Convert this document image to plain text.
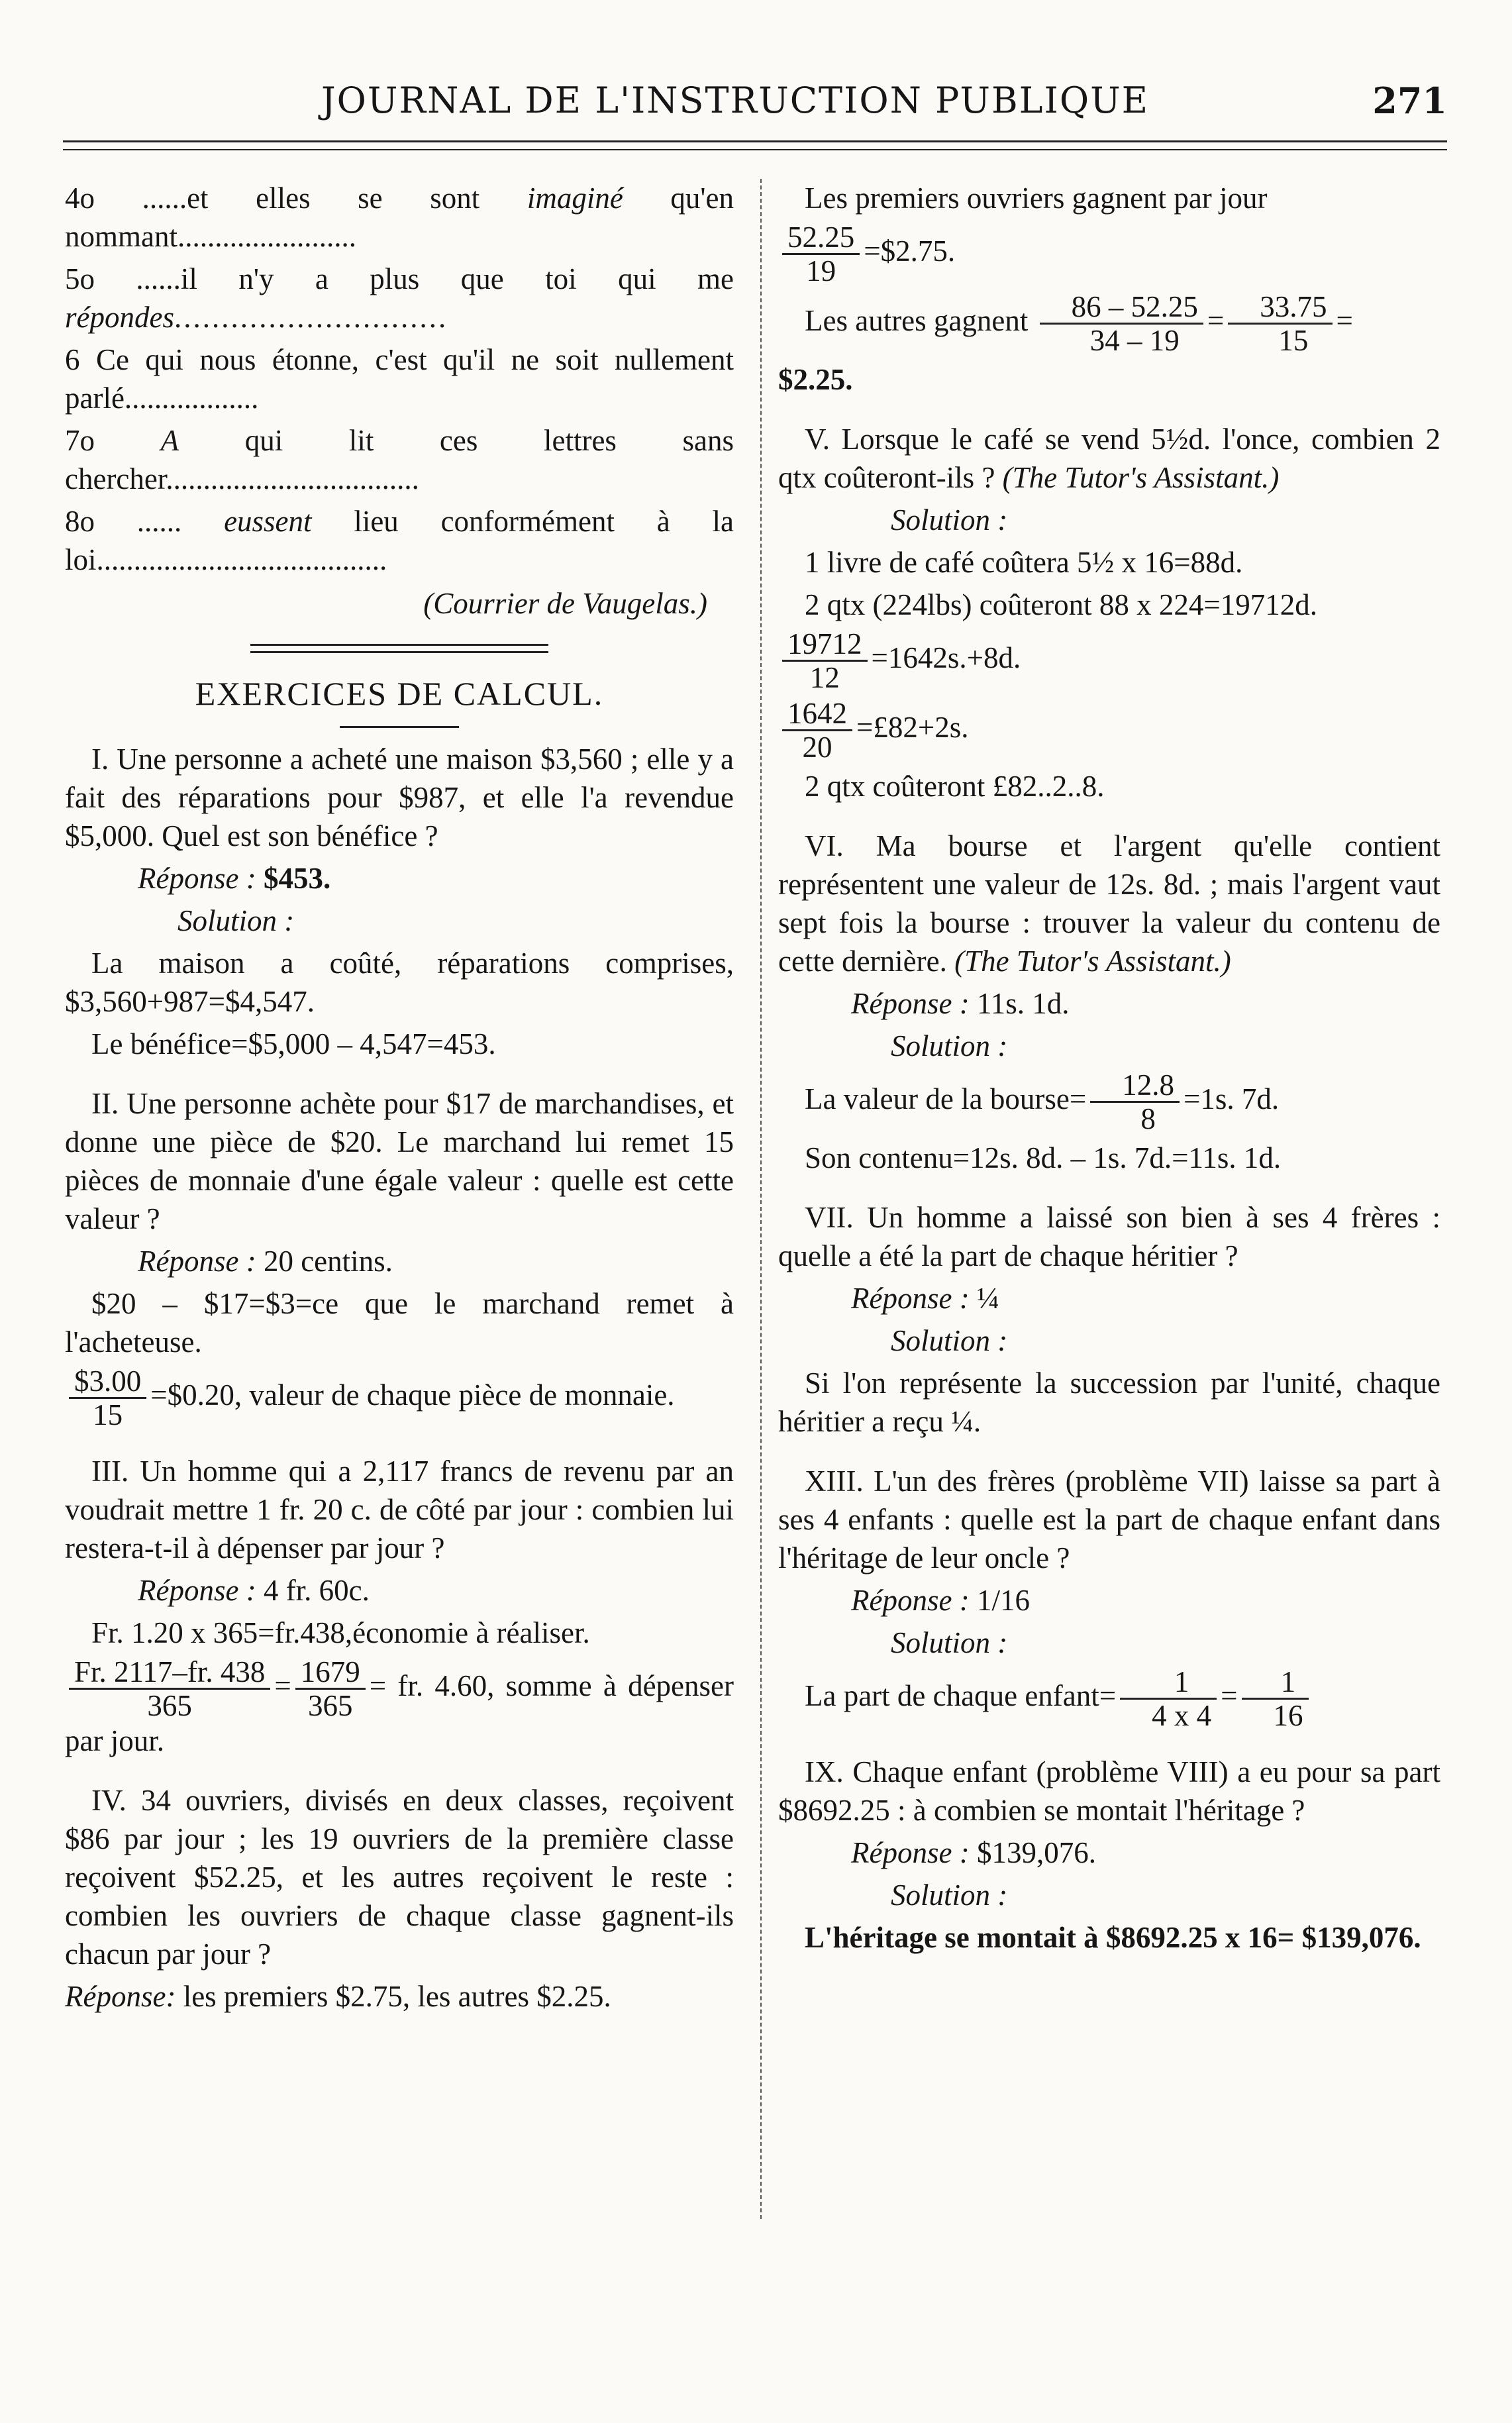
JOURNAL DE L'INSTRUCTION PUBLIQUE	271

4o ......et elles se sont imaginé qu'en nommant........................

5o ......il n'y a plus que toi qui me répondes.............................

6 Ce qui nous étonne, c'est qu'il ne soit nullement parlé..................

7o A qui lit ces lettres sans chercher..................................

8o ...... eussent lieu conformément à la loi.......................................

(Courrier de Vaugelas.)

EXERCICES DE CALCUL.

I. Une personne a acheté une maison $3,560 ; elle y a fait des réparations pour $987, et elle l'a revendue $5,000. Quel est son bénéfice ?

Réponse : $453.

Solution :

La maison a coûté, réparations comprises, $3,560+987=$4,547.

Le bénéfice=$5,000 – 4,547=453.

II. Une personne achète pour $17 de marchandises, et donne une pièce de $20. Le marchand lui remet 15 pièces de monnaie d'une égale valeur : quelle est cette valeur ?

Réponse : 20 centins.

$20 – $17=$3=ce que le marchand remet à l'acheteuse.

$\frac{\$3.00}{15}$ =$0.20, valeur de chaque pièce de monnaie.

III. Un homme qui a 2,117 francs de revenu par an voudrait mettre 1 fr. 20 c. de côté par jour : combien lui restera-t-il à dépenser par jour ?

Réponse : 4 fr. 60c.

Fr. 1.20 x 365=fr.438,économie à réaliser.

$\frac{Fr. 2117-fr. 438}{365} = \frac{1679}{365}$ = fr. 4.60, somme à dépenser par jour.

IV. 34 ouvriers, divisés en deux classes, reçoivent $86 par jour ; les 19 ouvriers de la première classe reçoivent $52.25, et les autres reçoivent le reste : combien les ouvriers de chaque classe gagnent-ils chacun par jour ?

Réponse: les premiers $2.75, les autres $2.25.

Les premiers ouvriers gagnent par jour

$\frac{52.25}{19}$ =$2.75.

Les autres gagnent $\frac{86 - 52.25}{34 - 19} = \frac{33.75}{15}$ =

$2.25.

V. Lorsque le café se vend 5½d. l'once, combien 2 qtx coûteront-ils ? (The Tutor's Assistant.)

Solution :

1 livre de café coûtera 5½ x 16=88d.

2 qtx (224lbs) coûteront 88 x 224=19712d.

$\frac{19712}{12} =1642s.+8d$.

$\frac{1642}{20}$ =£82+2s.

2 qtx coûteront £82..2..8.

VI. Ma bourse et l'argent qu'elle contient représentent une valeur de 12s. 8d. ; mais l'argent vaut sept fois la bourse : trouver la valeur du contenu de cette dernière. (The Tutor's Assistant.)

Réponse : 11s. 1d.

Solution :

La valeur de la bourse= $\frac{12.8}{8} =1s$. 7d.

Son contenu=12s. 8d. – 1s. 7d.=11s. 1d.

VII. Un homme a laissé son bien à ses 4 frères : quelle a été la part de chaque héritier ?

Réponse : ¼

Solution :

Si l'on représente la succession par l'unité, chaque héritier a reçu ¼.

XIII. L'un des frères (problème VII) laisse sa part à ses 4 enfants : quelle est la part de chaque enfant dans l'héritage de leur oncle ?

Réponse : 1/16

Solution :

La part de chaque enfant= $\frac{1}{4 x 4} = \frac{1}{16}$

IX. Chaque enfant (problème VIII) a eu pour sa part $8692.25 : à combien se montait l'héritage ?

Réponse : $139,076.

Solution :

L'héritage se montait à $8692.25 x 16= $139,076.
